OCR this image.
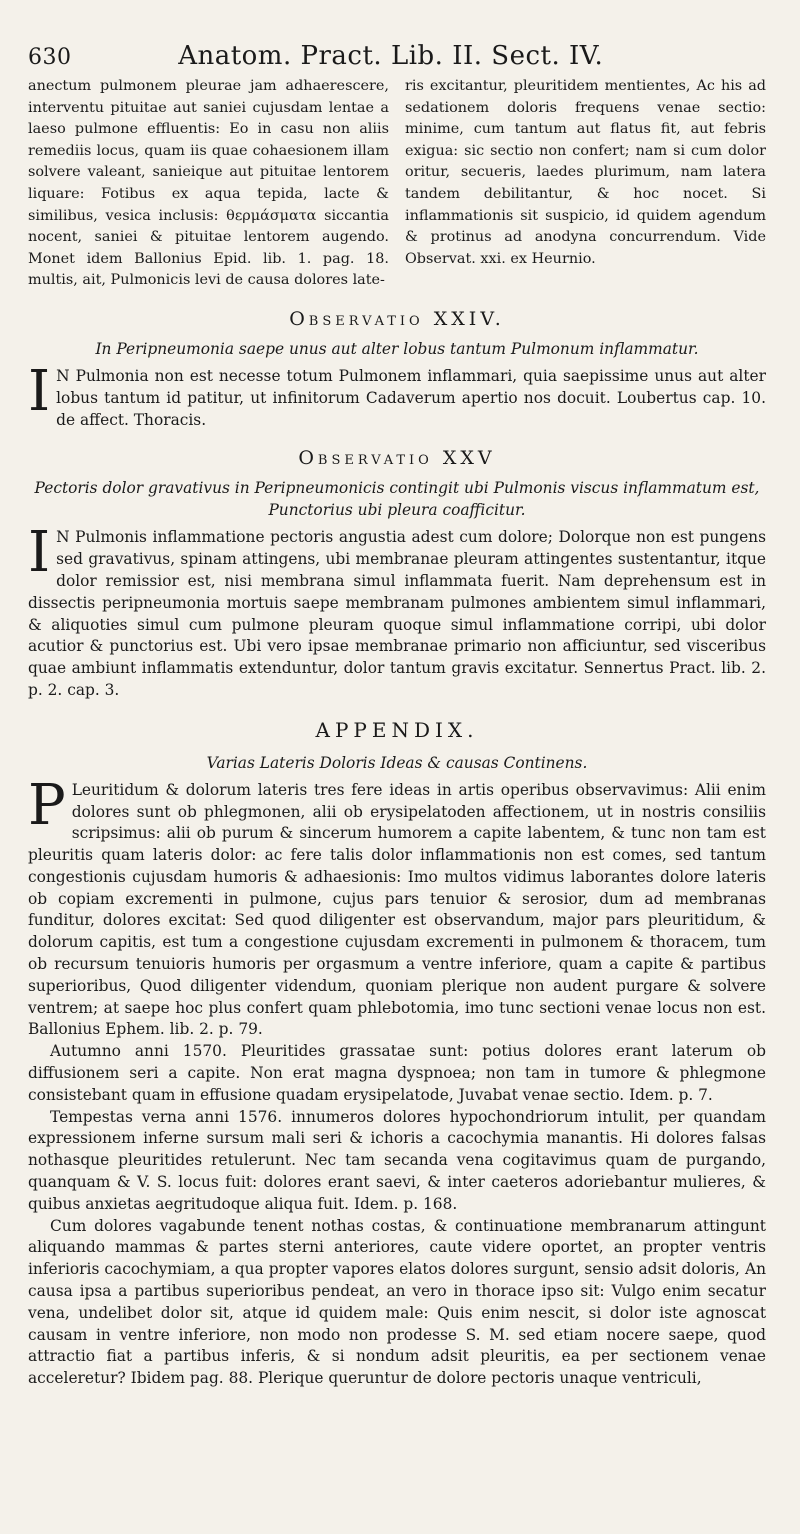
630	Anatom. Pract. Lib. II. Sect. IV.

anectum pulmonem pleurae jam adhaerescere, interventu pituitae aut saniei cujusdam lentae a laeso pulmone effluentis: Eo in casu non aliis remediis locus, quam iis quae cohaesionem illam solvere valeant, sanieique aut pituitae lentorem liquare: Fotibus ex aqua tepida, lacte & similibus, vesica inclusis: θερμάσματα siccantia nocent, saniei & pituitae lentorem augendo. Monet idem Ballonius Epid. lib. 1. pag. 18. multis, ait, Pulmonicis levi de causa dolores late-

ris excitantur, pleuritidem mentientes, Ac his ad sedationem doloris frequens venae sectio: minime, cum tantum aut flatus fit, aut febris exigua: sic sectio non confert; nam si cum dolor oritur, secueris, laedes plurimum, nam latera tandem debilitantur, & hoc nocet. Si inflammationis sit suspicio, id quidem agendum & protinus ad anodyna concurrendum. Vide Observat. xxi. ex Heurnio.

Observatio XXIV.
In Peripneumonia saepe unus aut alter lobus tantum Pulmonum inflammatur.

I N Pulmonia non est necesse totum Pulmonem inflammari, quia saepissime unus aut alter lobus tantum id patitur, ut infinitorum Cadaverum apertio nos docuit. Loubertus cap. 10. de affect. Thoracis.

Observatio XXV
Pectoris dolor gravativus in Peripneumonicis contingit ubi Pulmonis viscus inflammatum est, Punctorius ubi pleura coafficitur.

I N Pulmonis inflammatione pectoris angustia adest cum dolore; Dolorque non est pungens sed gravativus, spinam attingens, ubi membranae pleuram attingentes sustentantur, itque dolor remissior est, nisi membrana simul inflammata fuerit. Nam deprehensum est in dissectis peripneumonia mortuis saepe membranam pulmones ambientem simul inflammari, & aliquoties simul cum pulmone pleuram quoque simul inflammatione corripi, ubi dolor acutior & punctorius est. Ubi vero ipsae membranae primario non afficiuntur, sed visceribus quae ambiunt inflammatis extenduntur, dolor tantum gravis excitatur. Sennertus Pract. lib. 2. p. 2. cap. 3.

APPENDIX.
Varias Lateris Doloris Ideas & causas Continens.

P Leuritidum & dolorum lateris tres fere ideas in artis operibus observavimus: Alii enim dolores sunt ob phlegmonen, alii ob erysipelatoden affectionem, ut in nostris consiliis scripsimus: alii ob purum & sincerum humorem a capite labentem, & tunc non tam est pleuritis quam lateris dolor: ac fere talis dolor inflammationis non est comes, sed tantum congestionis cujusdam humoris & adhaesionis: Imo multos vidimus laborantes dolore lateris ob copiam excrementi in pulmone, cujus pars tenuior & serosior, dum ad membranas funditur, dolores excitat: Sed quod diligenter est observandum, major pars pleuritidum, & dolorum capitis, est tum a congestione cujusdam excrementi in pulmonem & thoracem, tum ob recursum tenuioris humoris per orgasmum a ventre inferiore, quam a capite & partibus superioribus, Quod diligenter videndum, quoniam plerique non audent purgare & solvere ventrem; at saepe hoc plus confert quam phlebotomia, imo tunc sectioni venae locus non est. Ballonius Ephem. lib. 2. p. 79.

Autumno anni 1570. Pleuritides grassatae sunt: potius dolores erant laterum ob diffusionem seri a capite. Non erat magna dyspnoea; non tam in tumore & phlegmone consistebant quam in effusione quadam erysipelatode, Juvabat venae sectio. Idem. p. 7.

Tempestas verna anni 1576. innumeros dolores hypochondriorum intulit, per quandam expressionem inferne sursum mali seri & ichoris a cacochymia manantis. Hi dolores falsas nothasque pleuritides retulerunt. Nec tam secanda vena cogitavimus quam de purgando, quanquam & V. S. locus fuit: dolores erant saevi, & inter caeteros adoriebantur mulieres, & quibus anxietas aegritudoque aliqua fuit. Idem. p. 168.

Cum dolores vagabunde tenent nothas costas, & continuatione membranarum attingunt aliquando mammas & partes sterni anteriores, caute videre oportet, an propter ventris inferioris cacochymiam, a qua propter vapores elatos dolores surgunt, sensio adsit doloris, An causa ipsa a partibus superioribus pendeat, an vero in thorace ipso sit: Vulgo enim secatur vena, undelibet dolor sit, atque id quidem male: Quis enim nescit, si dolor iste agnoscat causam in ventre inferiore, non modo non prodesse S. M. sed etiam nocere saepe, quod attractio fiat a partibus inferis, & si nondum adsit pleuritis, ea per sectionem venae acceleretur? Ibidem pag. 88. Plerique queruntur de dolore pectoris unaque ventriculi,
